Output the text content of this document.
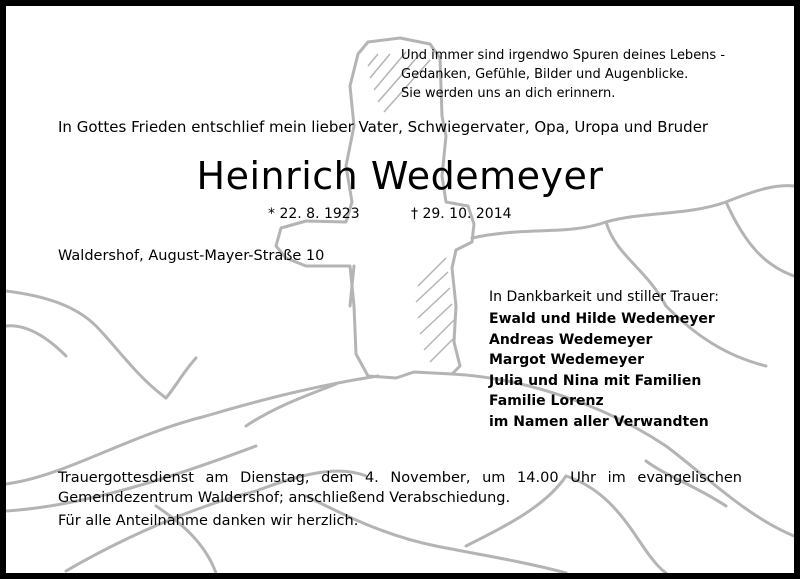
Und immer sind irgendwo Spuren deines Lebens -
Gedanken, Gefühle, Bilder und Augenblicke.
Sie werden uns an dich erinnern.
In Gottes Frieden entschlief mein lieber Vater, Schwiegervater, Opa, Uropa und Bruder
Heinrich Wedemeyer
* 22. 8. 1923	† 29. 10. 2014
Waldershof, August-Mayer-Straße 10
In Dankbarkeit und stiller Trauer:
Ewald und Hilde Wedemeyer
Andreas Wedemeyer
Margot Wedemeyer
Julia und Nina mit Familien
Familie Lorenz
im Namen aller Verwandten
Trauergottesdienst am Dienstag, dem 4. November, um 14.00 Uhr im evangelischen Gemeindezentrum Waldershof; anschließend Verabschiedung.
Für alle Anteilnahme danken wir herzlich.
